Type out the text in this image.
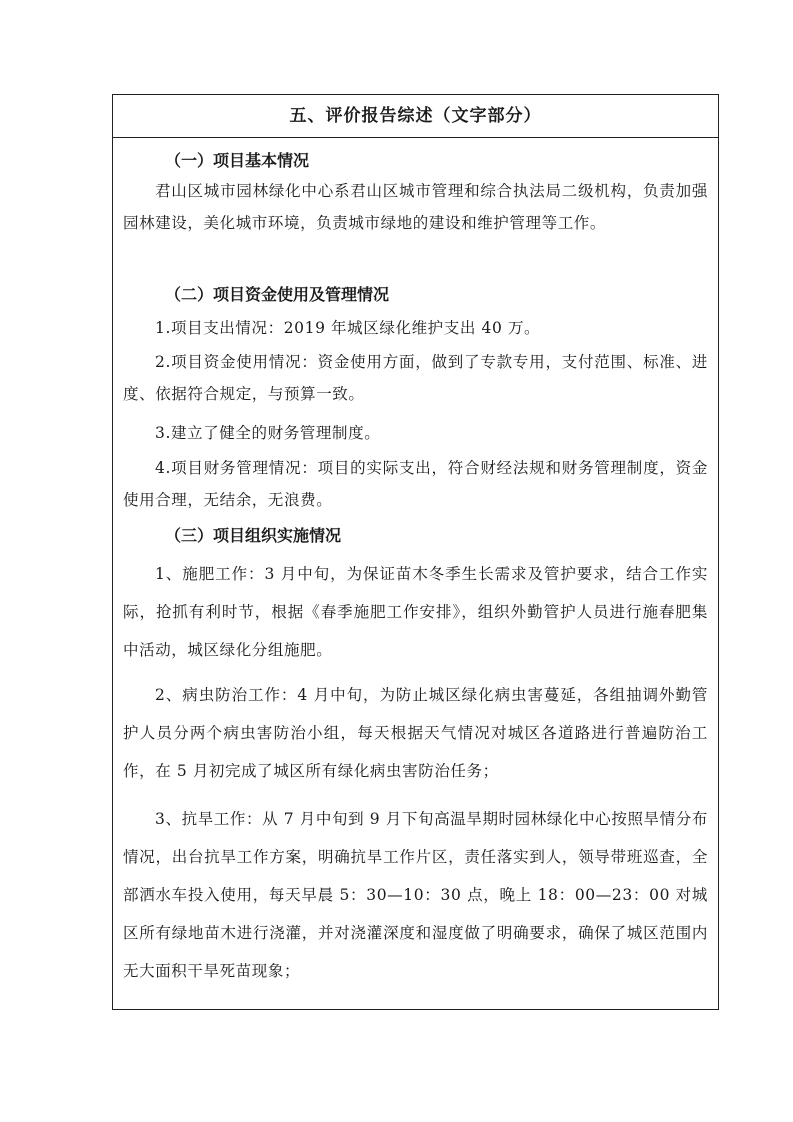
五、评价报告综述（文字部分）
（一）项目基本情况
君山区城市园林绿化中心系君山区城市管理和综合执法局二级机构，负责加强园林建设，美化城市环境，负责城市绿地的建设和维护管理等工作。
（二）项目资金使用及管理情况
1.项目支出情况：2019 年城区绿化维护支出 40 万。
2.项目资金使用情况：资金使用方面，做到了专款专用，支付范围、标准、进度、依据符合规定，与预算一致。
3.建立了健全的财务管理制度。
4.项目财务管理情况：项目的实际支出，符合财经法规和财务管理制度，资金使用合理，无结余，无浪费。
（三）项目组织实施情况
1、施肥工作：3 月中旬，为保证苗木冬季生长需求及管护要求，结合工作实际，抢抓有利时节，根据《春季施肥工作安排》，组织外勤管护人员进行施春肥集中活动，城区绿化分组施肥。
2、病虫防治工作：4 月中旬，为防止城区绿化病虫害蔓延，各组抽调外勤管护人员分两个病虫害防治小组，每天根据天气情况对城区各道路进行普遍防治工作，在 5 月初完成了城区所有绿化病虫害防治任务；
3、抗旱工作：从 7 月中旬到 9 月下旬高温旱期时园林绿化中心按照旱情分布情况，出台抗旱工作方案，明确抗旱工作片区，责任落实到人，领导带班巡查，全部洒水车投入使用，每天早晨 5：30—10：30 点，晚上 18：00—23：00 对城区所有绿地苗木进行浇灌，并对浇灌深度和湿度做了明确要求，确保了城区范围内无大面积干旱死苗现象；
